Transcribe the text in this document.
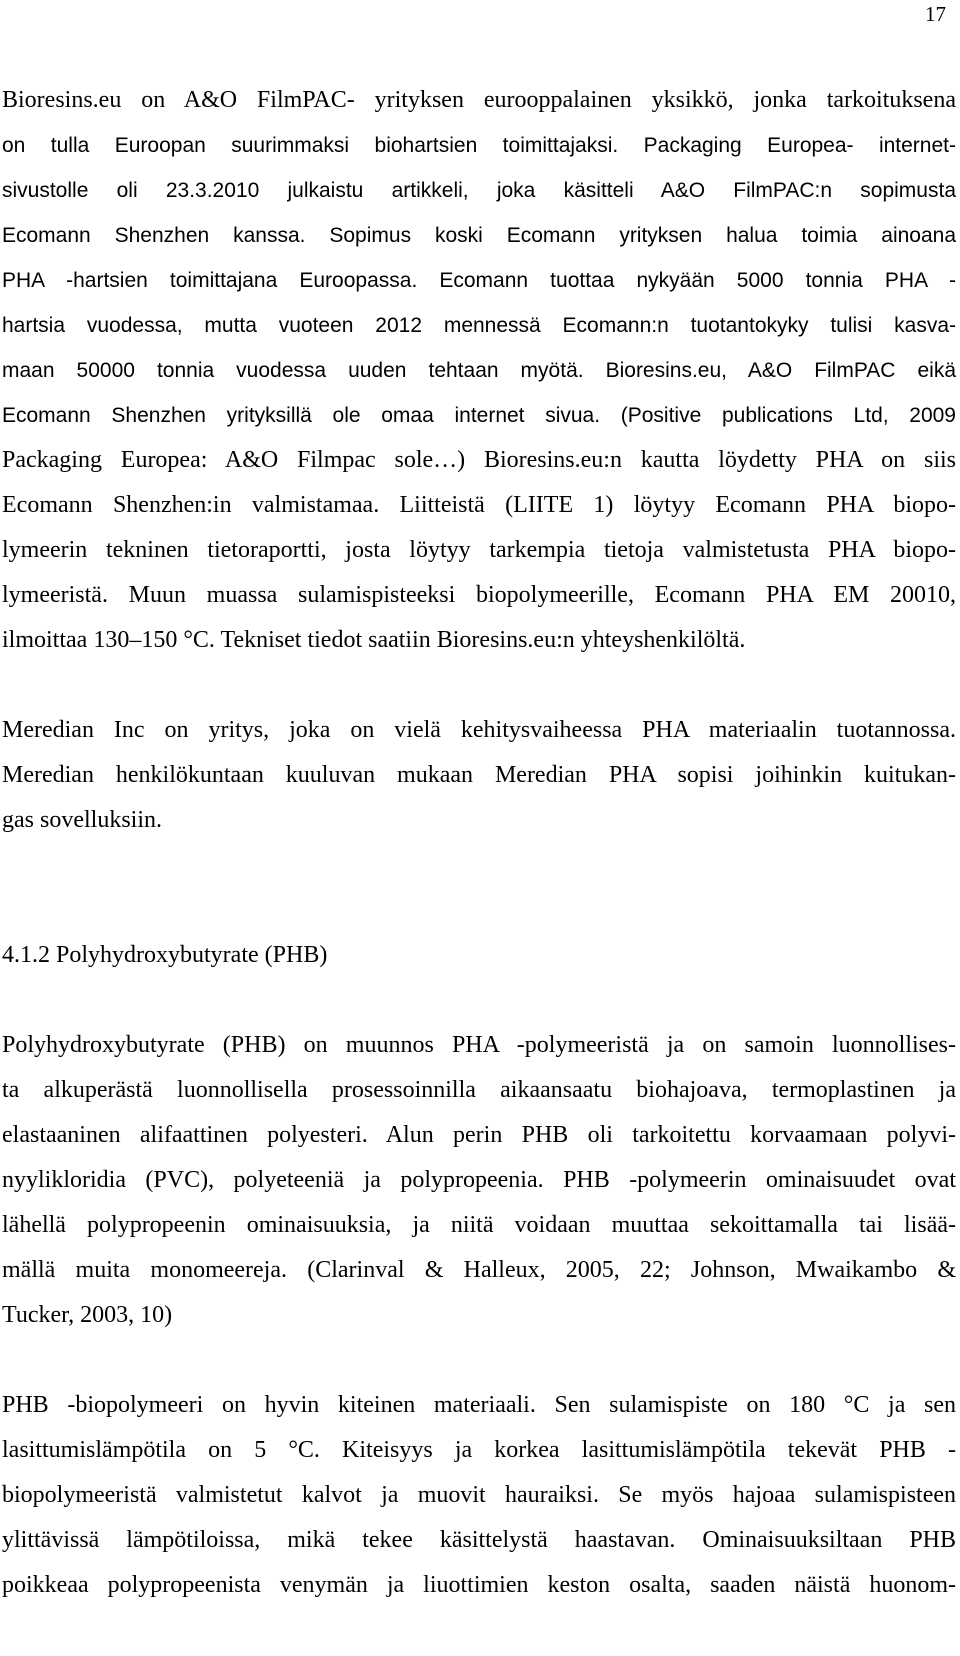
17
Bioresins.eu on A&O FilmPAC- yrityksen eurooppalainen yksikkö, jonka tarkoituksena
on tulla Euroopan suurimmaksi biohartsien toimittajaksi. Packaging Europea- internet-
sivustolle oli 23.3.2010 julkaistu artikkeli, joka käsitteli A&O FilmPAC:n sopimusta
Ecomann Shenzhen kanssa. Sopimus koski Ecomann yrityksen halua toimia ainoana
PHA -hartsien toimittajana Euroopassa. Ecomann tuottaa nykyään 5000 tonnia PHA -
hartsia vuodessa, mutta vuoteen 2012 mennessä Ecomann:n tuotantokyky tulisi kasva-
maan 50000 tonnia vuodessa uuden tehtaan myötä. Bioresins.eu, A&O FilmPAC eikä
Ecomann Shenzhen yrityksillä ole omaa internet sivua. (Positive publications Ltd, 2009
Packaging Europea: A&O Filmpac sole…) Bioresins.eu:n kautta löydetty PHA on siis
Ecomann Shenzhen:in valmistamaa. Liitteistä (LIITE 1) löytyy Ecomann PHA biopo-
lymeerin tekninen tietoraportti, josta löytyy tarkempia tietoja valmistetusta PHA biopo-
lymeeristä. Muun muassa sulamispisteeksi biopolymeerille, Ecomann PHA EM 20010,
ilmoittaa 130–150 °C. Tekniset tiedot saatiin Bioresins.eu:n yhteyshenkilöltä.
Meredian Inc on yritys, joka on vielä kehitysvaiheessa PHA materiaalin tuotannossa.
Meredian henkilökuntaan kuuluvan mukaan Meredian PHA sopisi joihinkin kuitukan-
gas sovelluksiin.
4.1.2 Polyhydroxybutyrate (PHB)
Polyhydroxybutyrate (PHB) on muunnos PHA -polymeeristä ja on samoin luonnollises-
ta alkuperästä luonnollisella prosessoinnilla aikaansaatu biohajoava, termoplastinen ja
elastaaninen alifaattinen polyesteri. Alun perin PHB oli tarkoitettu korvaamaan polyvi-
nyylikloridia (PVC), polyeteeniä ja polypropeenia. PHB -polymeerin ominaisuudet ovat
lähellä polypropeenin ominaisuuksia, ja niitä voidaan muuttaa sekoittamalla tai lisää-
mällä muita monomeereja. (Clarinval & Halleux, 2005, 22; Johnson, Mwaikambo &
Tucker, 2003, 10)
PHB -biopolymeeri on hyvin kiteinen materiaali. Sen sulamispiste on 180 °C ja sen
lasittumislämpötila on 5 °C. Kiteisyys ja korkea lasittumislämpötila tekevät PHB -
biopolymeeristä valmistetut kalvot ja muovit hauraiksi. Se myös hajoaa sulamispisteen
ylittävissä lämpötiloissa, mikä tekee käsittelystä haastavan. Ominaisuuksiltaan PHB
poikkeaa polypropeenista venymän ja liuottimien keston osalta, saaden näistä huonom-
